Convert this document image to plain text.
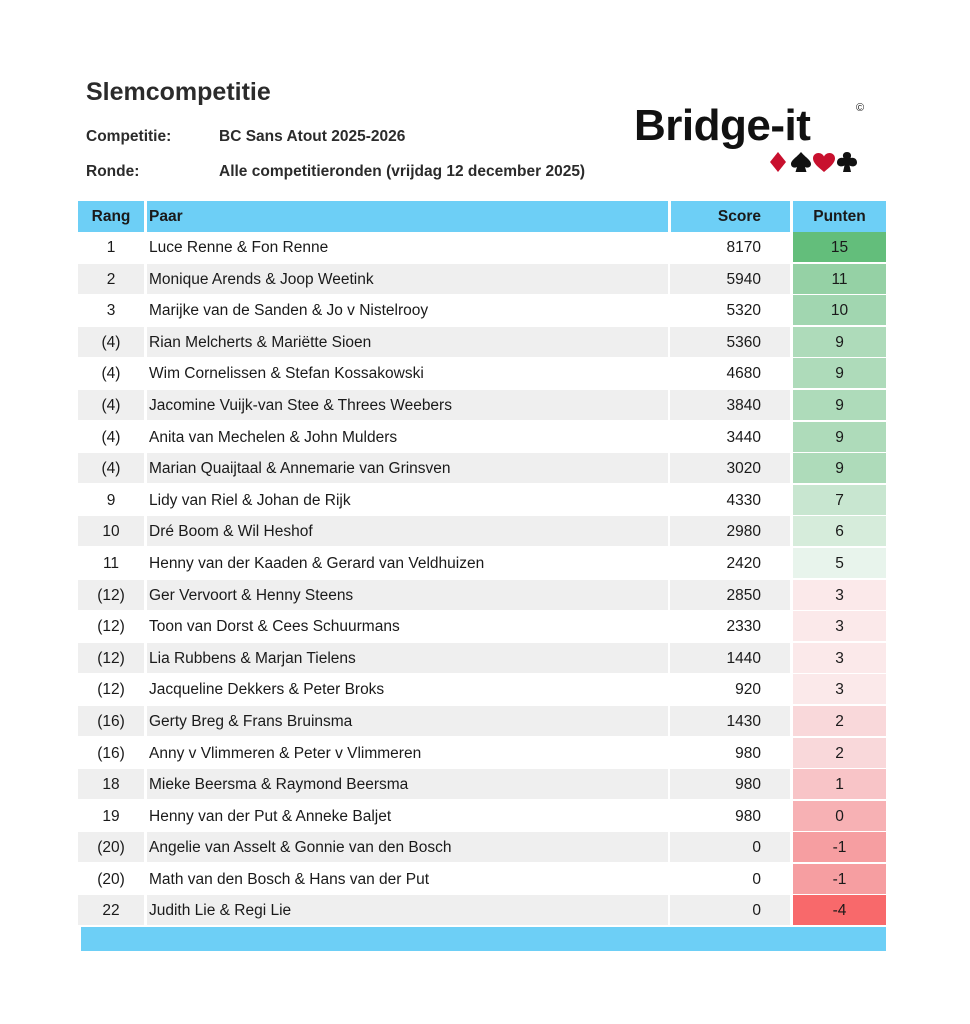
Slemcompetitie
Competitie:	BC Sans Atout 2025-2026
Ronde:	Alle competitieronden (vrijdag 12 december 2025)
Bridge-it	©
Rang	Paar	Score	Punten
1	Luce Renne & Fon Renne	8170	15
2	Monique Arends & Joop Weetink	5940	11
3	Marijke van de Sanden & Jo v Nistelrooy	5320	10
(4)	Rian Melcherts & Mariëtte Sioen	5360	9
(4)	Wim Cornelissen & Stefan Kossakowski	4680	9
(4)	Jacomine Vuijk-van Stee & Threes Weebers	3840	9
(4)	Anita van Mechelen & John Mulders	3440	9
(4)	Marian Quaijtaal & Annemarie van Grinsven	3020	9
9	Lidy van Riel & Johan de Rijk	4330	7
10	Dré Boom & Wil Heshof	2980	6
11	Henny van der Kaaden & Gerard van Veldhuizen	2420	5
(12)	Ger Vervoort & Henny Steens	2850	3
(12)	Toon van Dorst & Cees Schuurmans	2330	3
(12)	Lia Rubbens & Marjan Tielens	1440	3
(12)	Jacqueline Dekkers & Peter Broks	920	3
(16)	Gerty Breg & Frans Bruinsma	1430	2
(16)	Anny v Vlimmeren & Peter v Vlimmeren	980	2
18	Mieke Beersma & Raymond Beersma	980	1
19	Henny van der Put & Anneke Baljet	980	0
(20)	Angelie van Asselt & Gonnie van den Bosch	0	-1
(20)	Math van den Bosch & Hans van der Put	0	-1
22	Judith Lie & Regi Lie	0	-4
